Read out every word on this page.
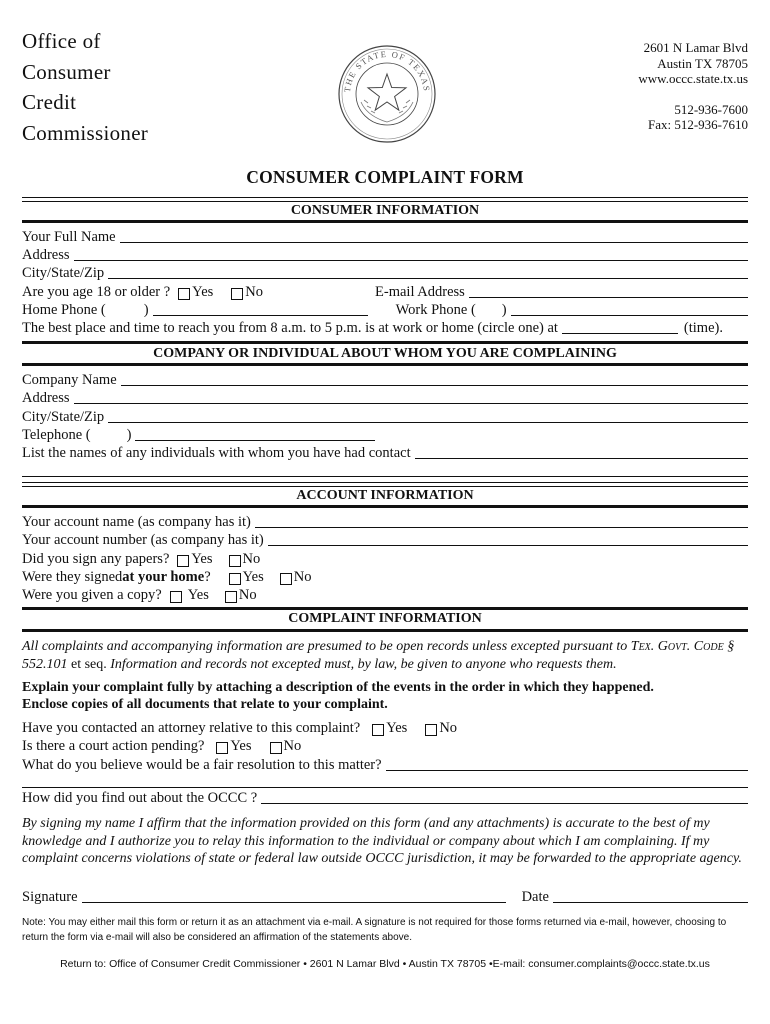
Office of
Consumer
Credit
Commissioner
THE STATE OF TEXAS
2601 N Lamar Blvd
Austin TX 78705
www.occc.state.tx.us
512-936-7600
Fax: 512-936-7610
CONSUMER COMPLAINT FORM
CONSUMER INFORMATION
Your Full Name
Address
City/State/Zip
Are you age 18 or older ? Yes No	E-mail Address
Home Phone (	)	Work Phone ( )
The best place and time to reach you from 8 a.m. to 5 p.m. is at work or home (circle one) at	(time).
COMPANY OR INDIVIDUAL ABOUT WHOM YOU ARE COMPLAINING
Company Name
Address
City/State/Zip
Telephone ( )
List the names of any individuals with whom you have had contact
ACCOUNT INFORMATION
Your account name (as company has it)
Your account number (as company has it)
Did you sign any papers? Yes No
Were they signed at your home ? Yes No
Were you given a copy? Yes No
COMPLAINT INFORMATION
All complaints and accompanying information are presumed to be open records unless excepted pursuant to Tex. Govt. Code § 552.101 et seq. Information and records not excepted must, by law, be given to anyone who requests them.
Explain your complaint fully by attaching a description of the events in the order in which they happened.
Enclose copies of all documents that relate to your complaint.
Have you contacted an attorney relative to this complaint? Yes No
Is there a court action pending? Yes No
What do you believe would be a fair resolution to this matter?
How did you find out about the OCCC ?
By signing my name I affirm that the information provided on this form (and any attachments) is accurate to the best of my knowledge and I authorize you to relay this information to the individual or company about which I am complaining. If my complaint concerns violations of state or federal law outside OCCC jurisdiction, it may be forwarded to the appropriate agency.
Signature	Date
Note: You may either mail this form or return it as an attachment via e-mail. A signature is not required for those forms returned via e-mail, however, choosing to return the form via e-mail will also be considered an affirmation of the statements above.
Return to: Office of Consumer Credit Commissioner • 2601 N Lamar Blvd • Austin TX 78705 •E-mail: consumer.complaints@occc.state.tx.us
